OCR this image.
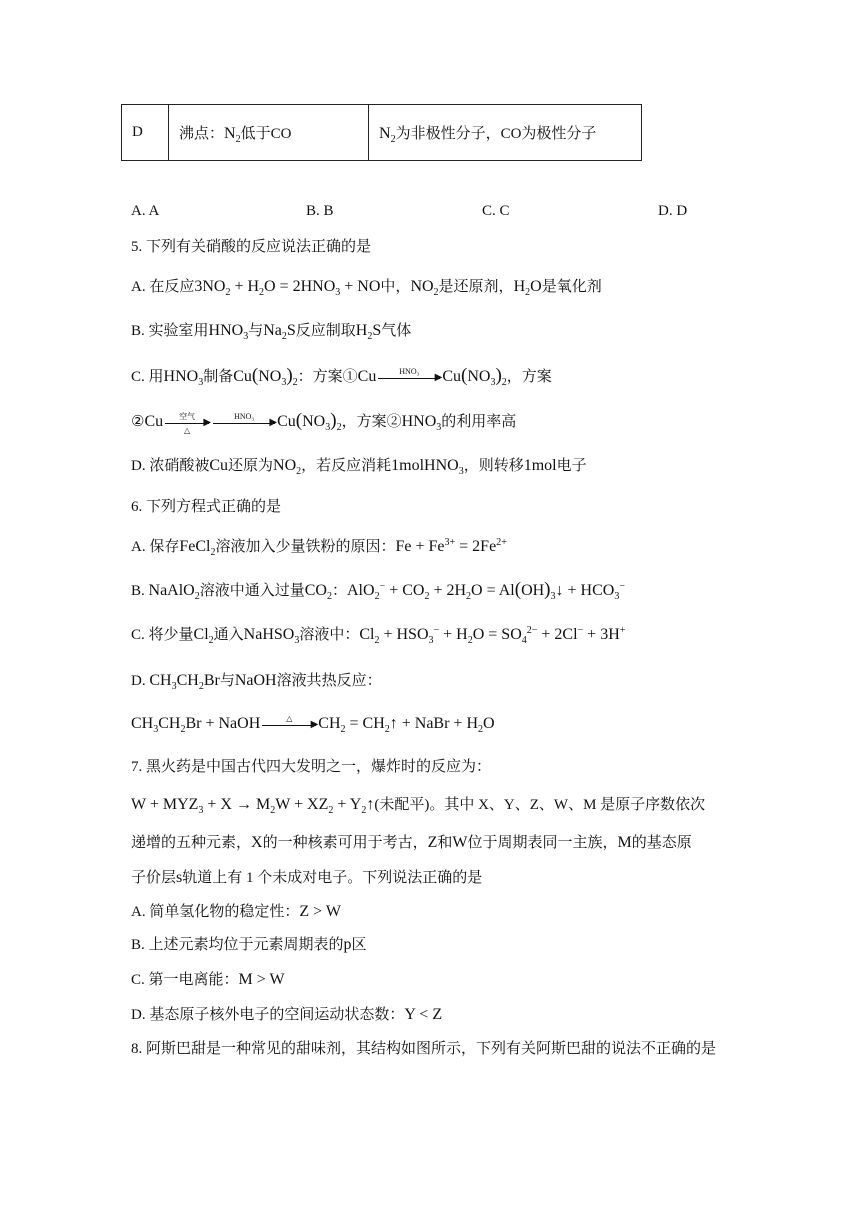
D	沸点：$N_2$低于CO	$N_2$为非极性分子，CO为极性分子
A. A	B. B	C. C	D. D
5. 下列有关硝酸的反应说法正确的是
A. 在反应$3NO_2 + H_2O = 2HNO_3$ + NO中，$NO_2$是还原剂，$H_2O$是氧化剂
B. 实验室用$HNO_3$与$Na_2S$反应制取$H_2S$气体
C. 用$HNO_3$制备$Cu(NO_3)_2$：方案①Cu	HNO₃
▶ $Cu(NO_3)_2$，方案
②Cu	空气
▶
△
HNO₃
▶ $Cu(NO_3)_2$，方案$②HNO_3$的利用率高
D. 浓硝酸被Cu还原为$NO_2$，若反应消耗1molHNO$_3$，则转移1mol电子
6. 下列方程式正确的是
A. 保存FeCl$_2$溶液加入少量铁粉的原因：$Fe + Fe^{3+} = 2Fe^{2+}$
B. NaAlO$_2$溶液中通入过量$CO_2$：$AlO_2^- + CO_2 + 2H_2O$ = $Al(OH)_3↓ + HCO_3^-$
C. 将少量$Cl_2$通入NaHSO$_3$溶液中：$Cl_2 + HSO_3^- + H_2O = SO_4^{2-} + 2Cl^- + 3H^+$
D. $CH_3CH_2Br$与NaOH溶液共热反应：
$CH_3CH_2Br$ + NaOH	△
▶ $CH_2$ = $CH_2↑$ + NaBr + $H_2O$
7. 黑火药是中国古代四大发明之一，爆炸时的反应为：
$W + MYZ_3 + X \to M_2W + XZ_2$ + $Y_2↑$(未配平)。其中 X、Y、Z、W、M 是原子序数依次
递增的五种元素，X的一种核素可用于考古，Z和W位于周期表同一主族，M的基态原
子价层s轨道上有 1 个未成对电子。下列说法正确的是
A. 简单氢化物的稳定性：Z > W
B. 上述元素均位于元素周期表的p区
C. 第一电离能：M > W
D. 基态原子核外电子的空间运动状态数：Y < Z
8. 阿斯巴甜是一种常见的甜味剂，其结构如图所示，下列有关阿斯巴甜的说法不正确的是
